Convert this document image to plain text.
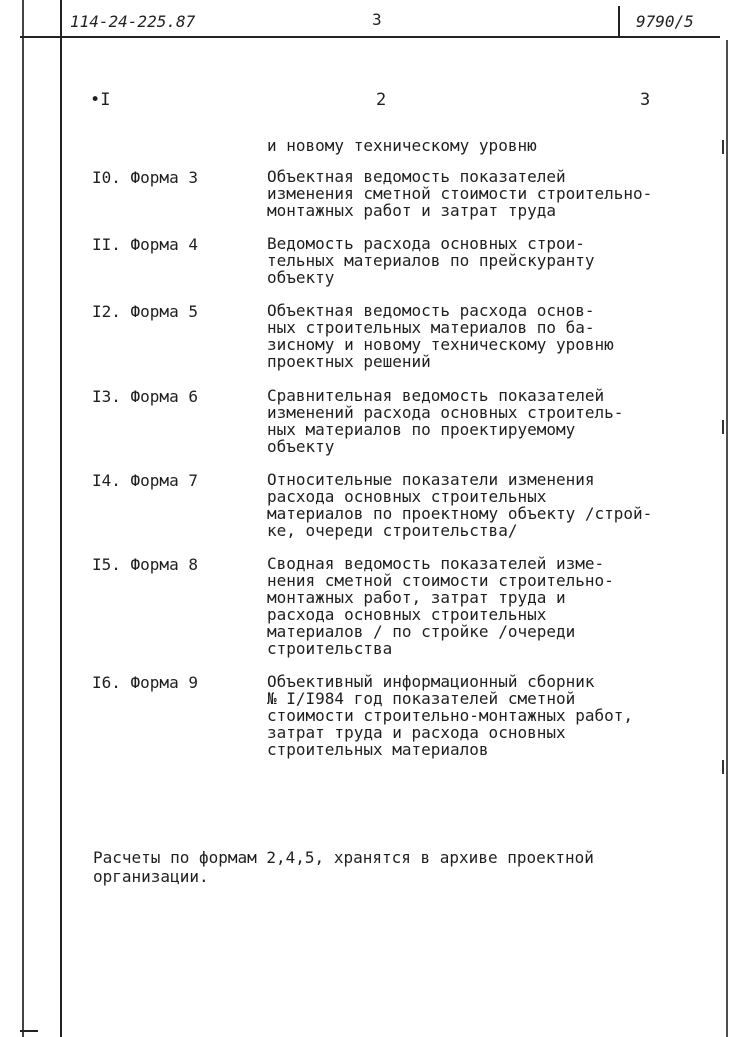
114-24-225.87	3	9790/5
•I	2	3
и новому техническому уровню
I0. Форма 3	Объектная ведомость показателей
изменения сметной стоимости строительно-
монтажных работ и затрат труда
II. Форма 4	Ведомость расхода основных строи-
тельных материалов по прейскуранту
объекту
I2. Форма 5	Объектная ведомость расхода основ-
ных строительных материалов по ба-
зисному и новому техническому уровню
проектных решений
I3. Форма 6	Сравнительная ведомость показателей
изменений расхода основных строитель-
ных материалов по проектируемому
объекту
I4. Форма 7	Относительные показатели изменения
расхода основных строительных
материалов по проектному объекту /строй-
ке, очереди строительства/
I5. Форма 8	Сводная ведомость показателей изме-
нения сметной стоимости строительно-
монтажных работ, затрат труда и
расхода основных строительных
материалов / по стройке /очереди
строительства
I6. Форма 9	Объективный информационный сборник
№ I/I984 год показателей сметной
стоимости строительно-монтажных работ,
затрат труда и расхода основных
строительных материалов
Расчеты по формам 2,4,5, хранятся в архиве проектной
организации.
